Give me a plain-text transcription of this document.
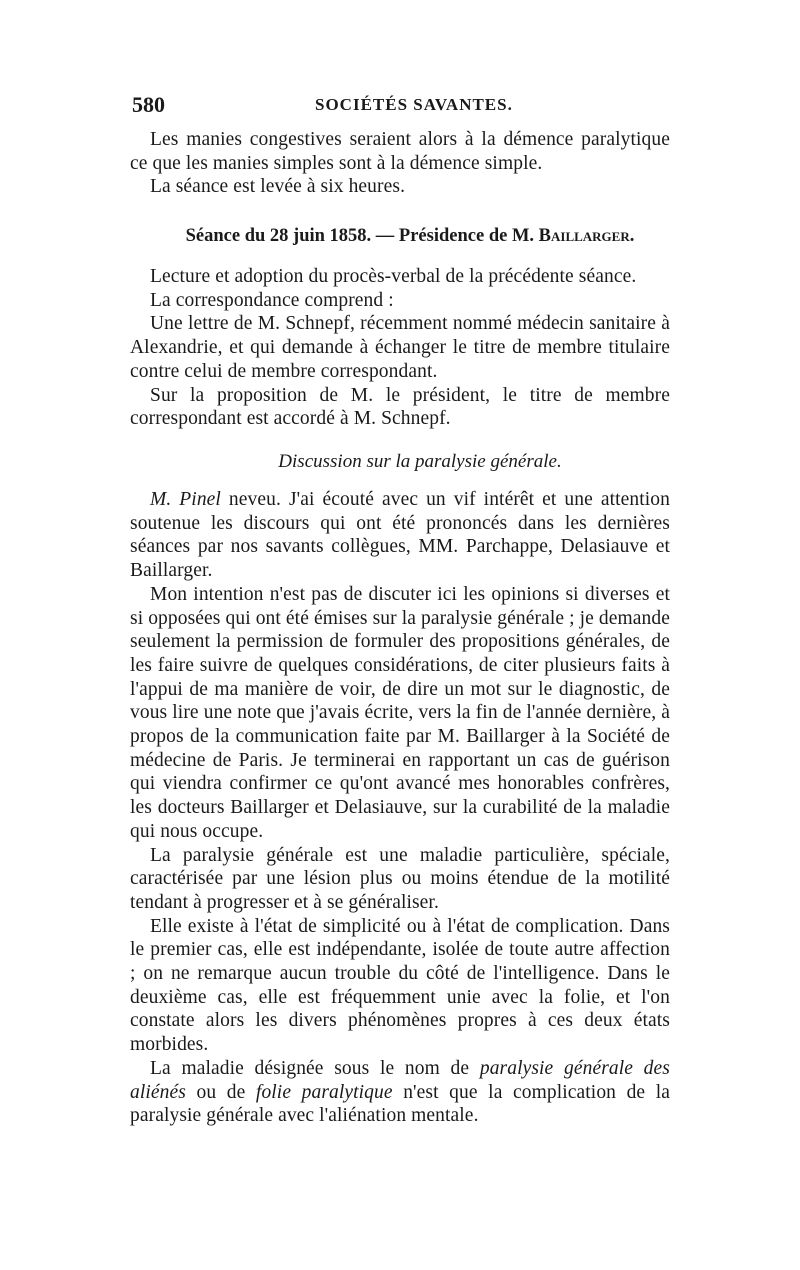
580	SOCIÉTÉS SAVANTES.

Les manies congestives seraient alors à la démence paralytique ce que les manies simples sont à la démence simple.

La séance est levée à six heures.

Séance du 28 juin 1858. — Présidence de M. Baillarger.

Lecture et adoption du procès-verbal de la précédente séance.

La correspondance comprend :

Une lettre de M. Schnepf, récemment nommé médecin sanitaire à Alexandrie, et qui demande à échanger le titre de membre titulaire contre celui de membre correspondant.

Sur la proposition de M. le président, le titre de membre correspondant est accordé à M. Schnepf.

Discussion sur la paralysie générale.

M. Pinel neveu. J'ai écouté avec un vif intérêt et une attention soutenue les discours qui ont été prononcés dans les dernières séances par nos savants collègues, MM. Parchappe, Delasiauve et Baillarger.

Mon intention n'est pas de discuter ici les opinions si diverses et si opposées qui ont été émises sur la paralysie générale ; je demande seulement la permission de formuler des propositions générales, de les faire suivre de quelques considérations, de citer plusieurs faits à l'appui de ma manière de voir, de dire un mot sur le diagnostic, de vous lire une note que j'avais écrite, vers la fin de l'année dernière, à propos de la communication faite par M. Baillarger à la Société de médecine de Paris. Je terminerai en rapportant un cas de guérison qui viendra confirmer ce qu'ont avancé mes honorables confrères, les docteurs Baillarger et Delasiauve, sur la curabilité de la maladie qui nous occupe.

La paralysie générale est une maladie particulière, spéciale, caractérisée par une lésion plus ou moins étendue de la motilité tendant à progresser et à se généraliser.

Elle existe à l'état de simplicité ou à l'état de complication. Dans le premier cas, elle est indépendante, isolée de toute autre affection ; on ne remarque aucun trouble du côté de l'intelligence. Dans le deuxième cas, elle est fréquemment unie avec la folie, et l'on constate alors les divers phénomènes propres à ces deux états morbides.

La maladie désignée sous le nom de paralysie générale des aliénés ou de folie paralytique n'est que la complication de la paralysie générale avec l'aliénation mentale.
